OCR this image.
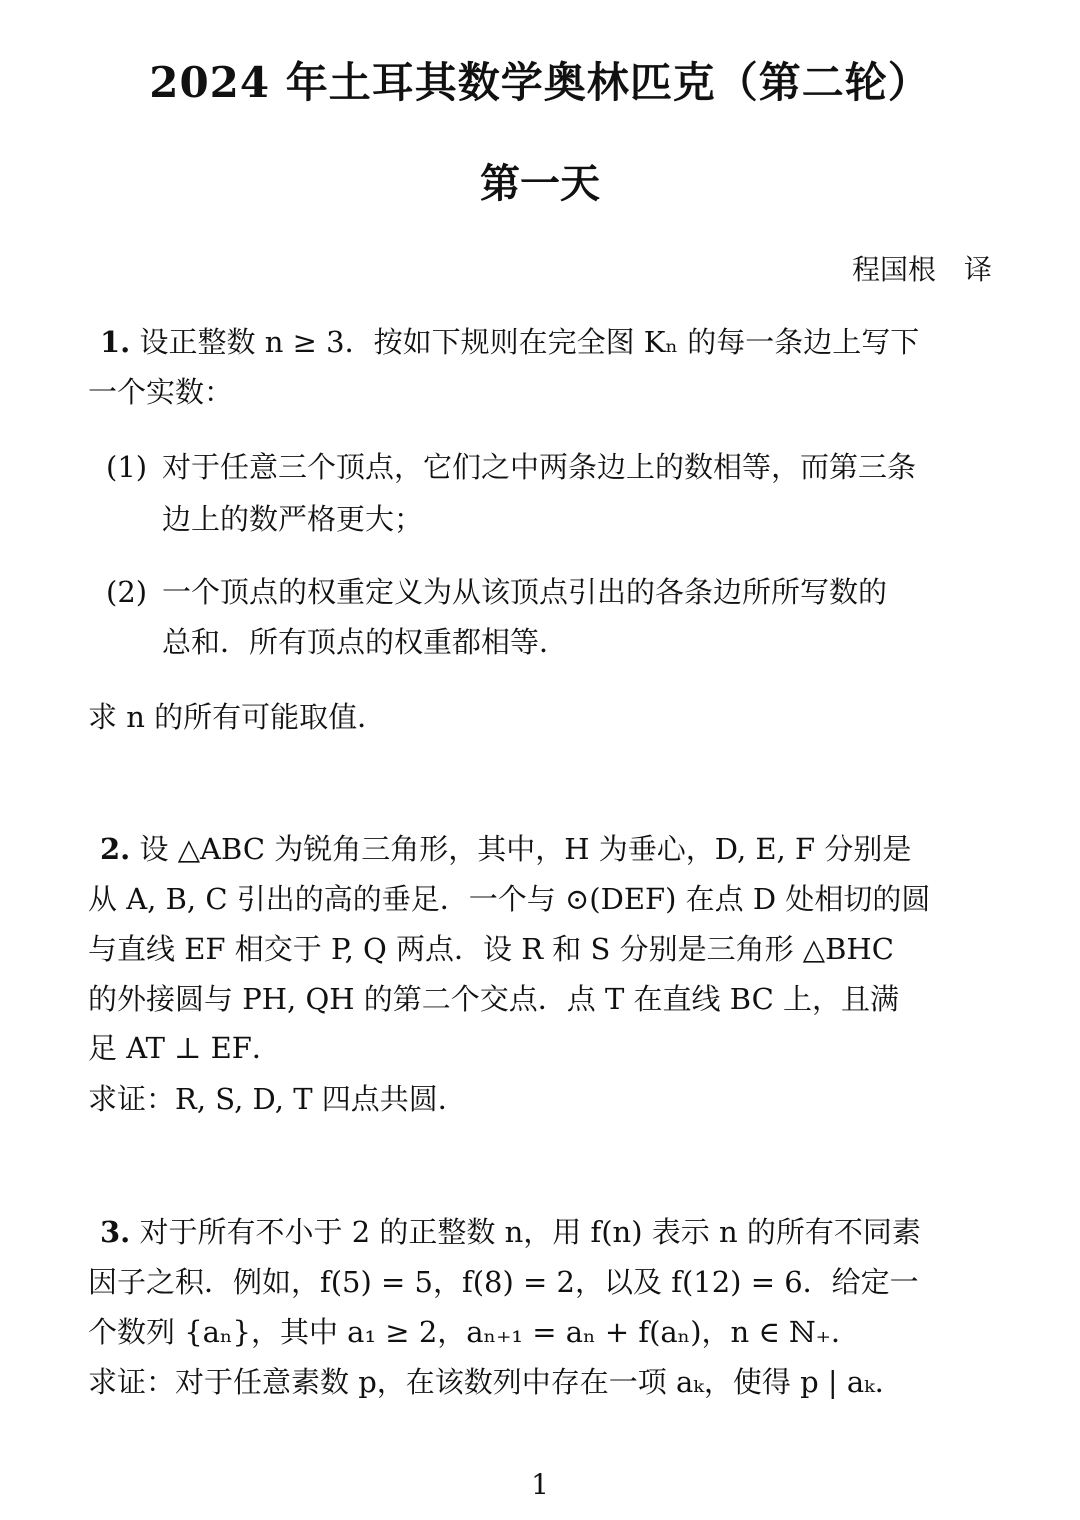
2024 年土耳其数学奥林匹克（第二轮）
第一天
程国根　译
1. 设正整数 n ≥ 3．按如下规则在完全图 Kₙ 的每一条边上写下
一个实数：
(1) 对于任意三个顶点，它们之中两条边上的数相等，而第三条
边上的数严格更大；
(2) 一个顶点的权重定义为从该顶点引出的各条边所所写数的
总和．所有顶点的权重都相等．
求 n 的所有可能取值．
2. 设 △ABC 为锐角三角形，其中，H 为垂心，D, E, F 分别是
从 A, B, C 引出的高的垂足．一个与 ⊙(DEF) 在点 D 处相切的圆
与直线 EF 相交于 P, Q 两点．设 R 和 S 分别是三角形 △BHC
的外接圆与 PH, QH 的第二个交点．点 T 在直线 BC 上，且满
足 AT ⊥ EF．
求证：R, S, D, T 四点共圆．
3. 对于所有不小于 2 的正整数 n，用 f(n) 表示 n 的所有不同素
因子之积．例如，f(5) = 5，f(8) = 2，以及 f(12) = 6．给定一
个数列 {aₙ}，其中 a₁ ≥ 2，aₙ₊₁ = aₙ + f(aₙ)，n ∈ ℕ₊．
求证：对于任意素数 p，在该数列中存在一项 aₖ，使得 p | aₖ．
1
